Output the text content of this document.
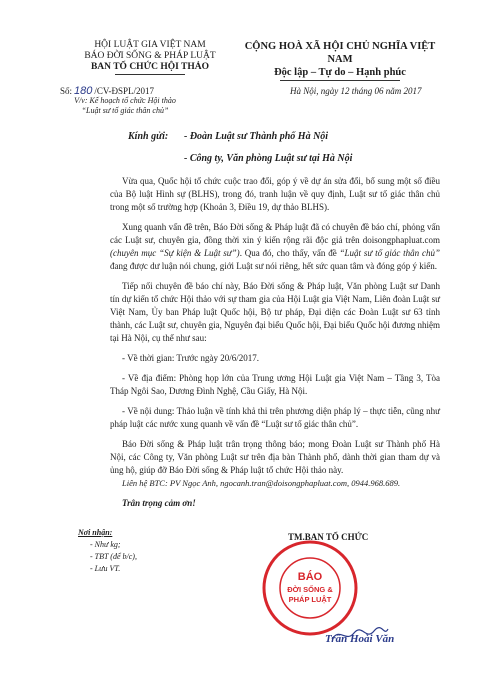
HỘI LUẬT GIA VIỆT NAM
BÁO ĐỜI SỐNG & PHÁP LUẬT
BAN TỔ CHỨC HỘI THẢO
CỘNG HOÀ XÃ HỘI CHỦ NGHĨA VIỆT NAM
Độc lập – Tự do – Hạnh phúc
Số: 180 /CV-ĐSPL/2017
V/v: Kế hoạch tổ chức Hội thảo
“Luật sư tố giác thân chủ”
Hà Nội, ngày 12 tháng 06 năm 2017
Kính gửi: - Đoàn Luật sư Thành phố Hà Nội
- Công ty, Văn phòng Luật sư tại Hà Nội

Vừa qua, Quốc hội tổ chức cuộc trao đổi, góp ý về dự án sửa đổi, bổ sung một số điều của Bộ luật Hình sự (BLHS), trong đó, tranh luận về quy định, Luật sư tố giác thân chủ trong một số trường hợp (Khoản 3, Điều 19, dự thảo BLHS).

Xung quanh vấn đề trên, Báo Đời sống & Pháp luật đã có chuyên đề báo chí, phỏng vấn các Luật sư, chuyên gia, đồng thời xin ý kiến rộng rãi độc giả trên doisongphapluat.com (chuyên mục “Sự kiện & Luật sư”). Qua đó, cho thấy, vấn đề “Luật sư tố giác thân chủ” đang được dư luận nói chung, giới Luật sư nói riêng, hết sức quan tâm và đóng góp ý kiến.

Tiếp nối chuyên đề báo chí này, Báo Đời sống & Pháp luật, Văn phòng Luật sư Danh tín dự kiến tổ chức Hội thảo với sự tham gia của Hội Luật gia Việt Nam, Liên đoàn Luật sư Việt Nam, Ủy ban Pháp luật Quốc hội, Bộ tư pháp, Đại diện các Đoàn Luật sư 63 tỉnh thành, các Luật sư, chuyên gia, Nguyên đại biểu Quốc hội, Đại biểu Quốc hội đương nhiệm tại Hà Nội, cụ thể như sau:

- Về thời gian: Trước ngày 20/6/2017.

- Về địa điểm: Phòng họp lớn của Trung ương Hội Luật gia Việt Nam – Tầng 3, Tòa Tháp Ngôi Sao, Dương Đình Nghệ, Cầu Giấy, Hà Nội.

- Về nội dung: Thảo luận về tính khả thi trên phương diện pháp lý – thực tiễn, cũng như pháp luật các nước xung quanh về vấn đề “Luật sư tố giác thân chủ”.

Báo Đời sống & Pháp luật trân trọng thông báo; mong Đoàn Luật sư Thành phố Hà Nội, các Công ty, Văn phòng Luật sư trên địa bàn Thành phố, dành thời gian tham dự và ủng hộ, giúp đỡ Báo Đời sống & Pháp luật tổ chức Hội thảo này.

Liên hệ BTC: PV Ngọc Anh, ngocanh.tran@doisongphapluat.com, 0944.968.689.
Trân trọng cảm ơn!
Nơi nhận:
- Như kg;
- TBT (để b/c),
- Lưu VT.
BÁO
ĐỜI SỐNG &
PHÁP LUẬT
TM.BAN TỔ CHỨC
Trần Hoài Văn
